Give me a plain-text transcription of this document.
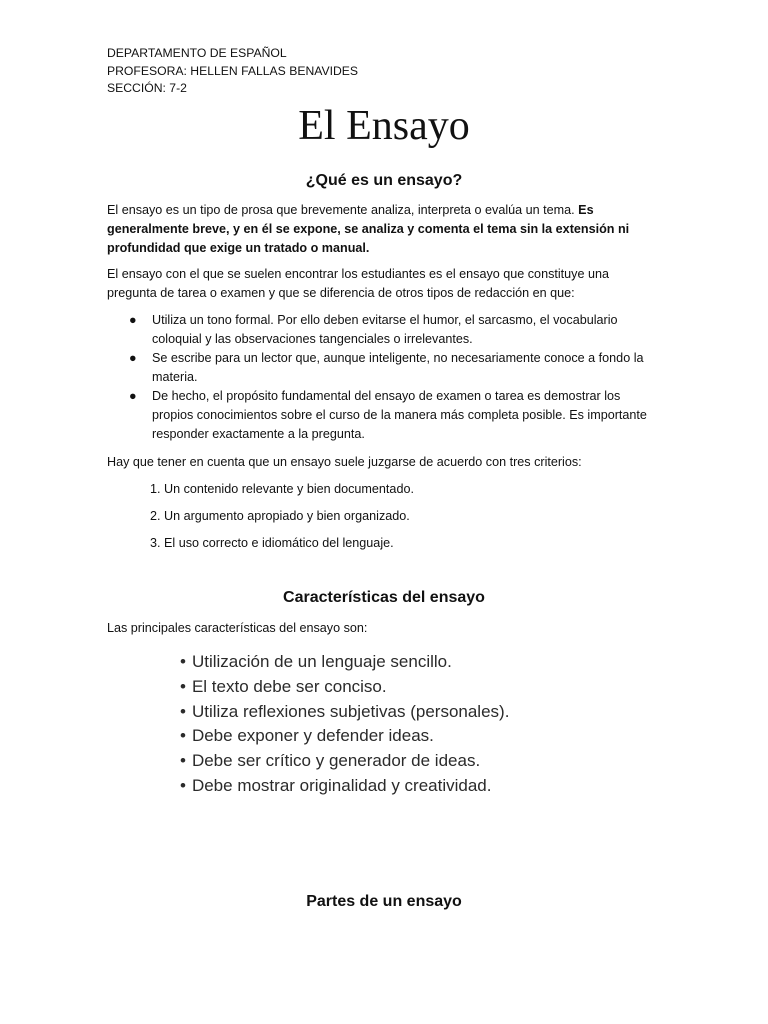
DEPARTAMENTO DE ESPAÑOL
PROFESORA: HELLEN FALLAS BENAVIDES
SECCIÓN: 7-2
El Ensayo
¿Qué es un ensayo?

El ensayo es un tipo de prosa que brevemente analiza, interpreta o evalúa un tema. Es generalmente breve, y en él se expone, se analiza y comenta el tema sin la extensión ni profundidad que exige un tratado o manual.

El ensayo con el que se suelen encontrar los estudiantes es el ensayo que constituye una pregunta de tarea o examen y que se diferencia de otros tipos de redacción en que:

● Utiliza un tono formal. Por ello deben evitarse el humor, el sarcasmo, el vocabulario coloquial y las observaciones tangenciales o irrelevantes.
● Se escribe para un lector que, aunque inteligente, no necesariamente conoce a fondo la materia.
● De hecho, el propósito fundamental del ensayo de examen o tarea es demostrar los propios conocimientos sobre el curso de la manera más completa posible. Es importante responder exactamente a la pregunta.

Hay que tener en cuenta que un ensayo suele juzgarse de acuerdo con tres criterios:

1. Un contenido relevante y bien documentado.
2. Un argumento apropiado y bien organizado.
3. El uso correcto e idiomático del lenguaje.
Características del ensayo

Las principales características del ensayo son:

• Utilización de un lenguaje sencillo.
• El texto debe ser conciso.
• Utiliza reflexiones subjetivas (personales).
• Debe exponer y defender ideas.
• Debe ser crítico y generador de ideas.
• Debe mostrar originalidad y creatividad.
Partes de un ensayo
